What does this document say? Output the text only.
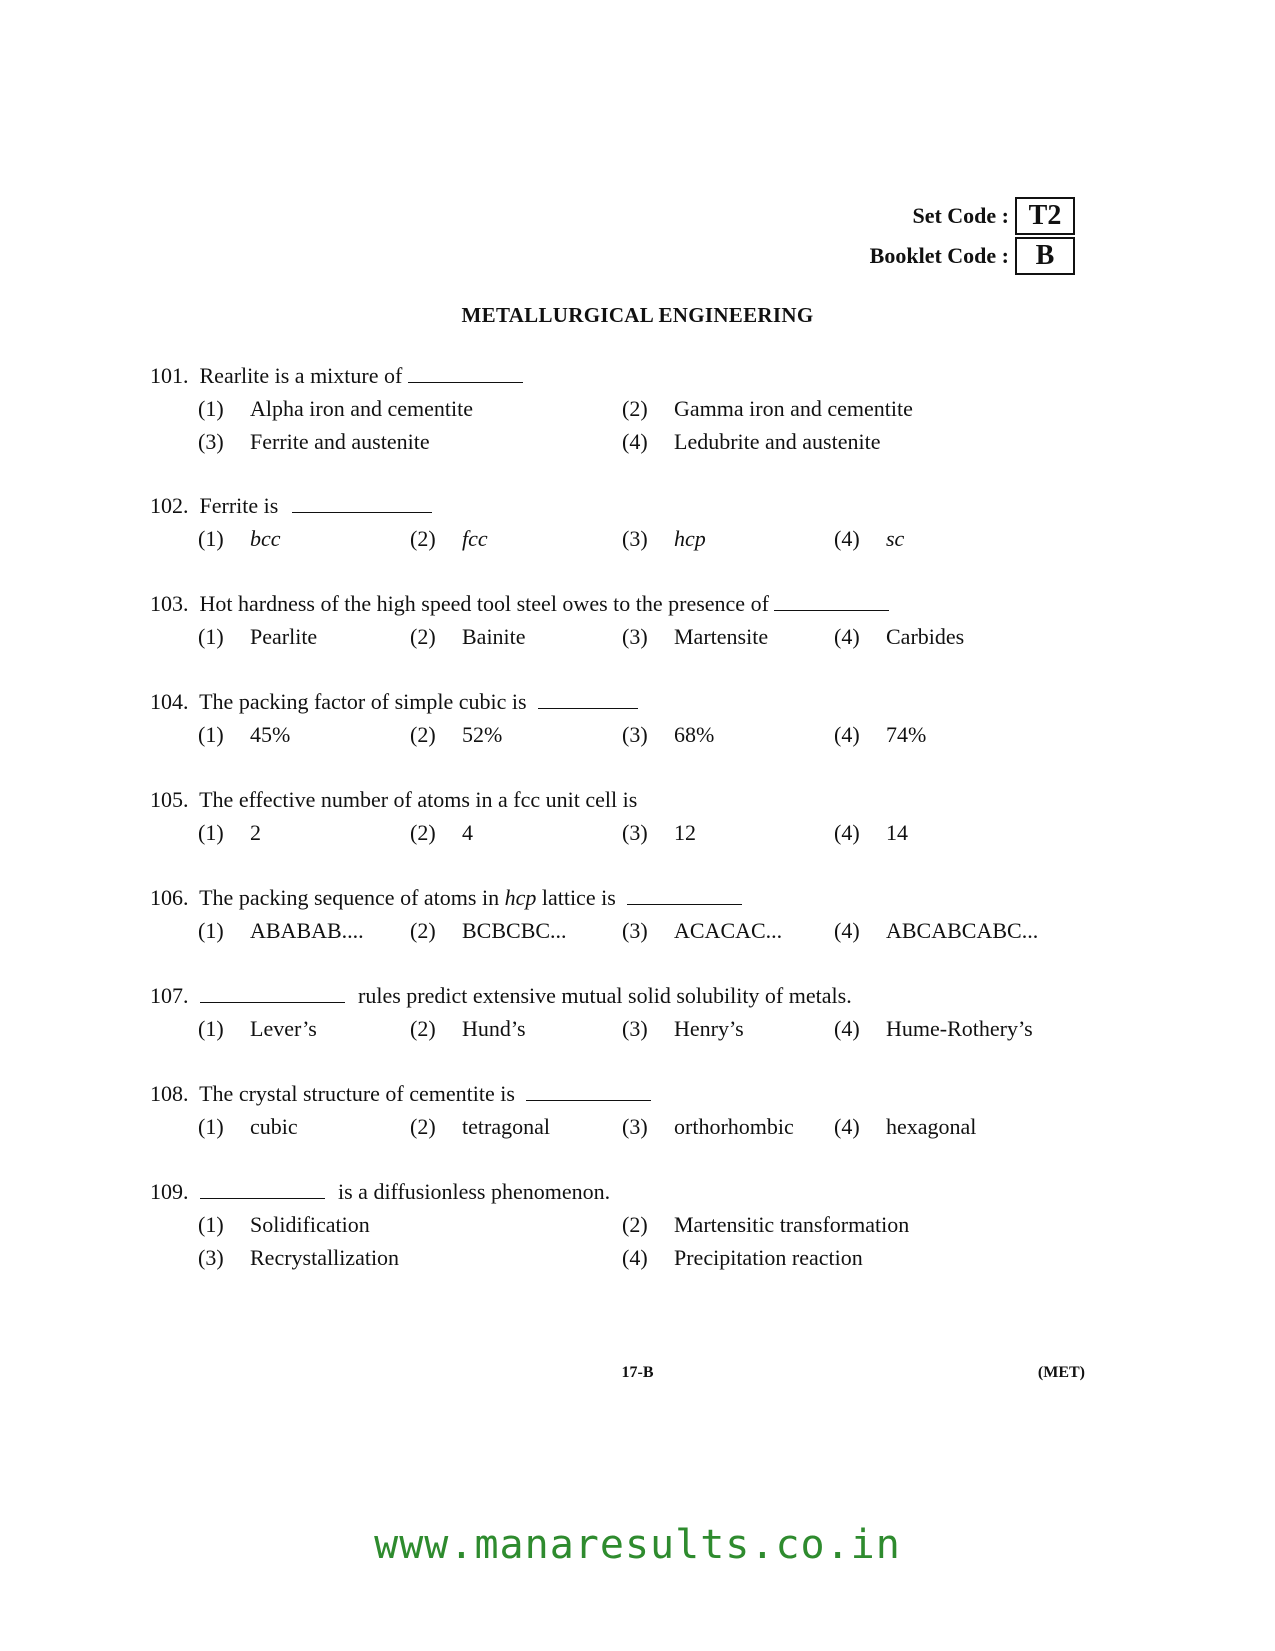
Set Code : T2
Booklet Code : B
METALLURGICAL ENGINEERING
101. Rearlite is a mixture of
(1)	Alpha iron and cementite	(2)	Gamma iron and cementite
(3)	Ferrite and austenite	(4)	Ledubrite and austenite
102. Ferrite is
(1)	bcc	(2)	fcc	(3)	hcp	(4)	sc
103. Hot hardness of the high speed tool steel owes to the presence of
(1)	Pearlite	(2)	Bainite	(3)	Martensite	(4)	Carbides
104. The packing factor of simple cubic is
(1)	45%	(2)	52%	(3)	68%	(4)	74%
105. The effective number of atoms in a fcc unit cell is
(1)	2	(2)	4	(3)	12	(4)	14
106. The packing sequence of atoms in hcp lattice is
(1)	ABABAB.... (2)	BCBCBC...	(3)	ACACAC... (4)	ABCABCABC...
107.	rules predict extensive mutual solid solubility of metals.
(1)	Lever’s	(2)	Hund’s	(3)	Henry’s	(4)	Hume-Rothery’s
108. The crystal structure of cementite is
(1)	cubic	(2)	tetragonal	(3)	orthorhombic (4)	hexagonal
109.	is a diffusionless phenomenon.
(1)	Solidification	(2)	Martensitic transformation
(3)	Recrystallization	(4)	Precipitation reaction
17-B	(MET)
www.manaresults.co.in
